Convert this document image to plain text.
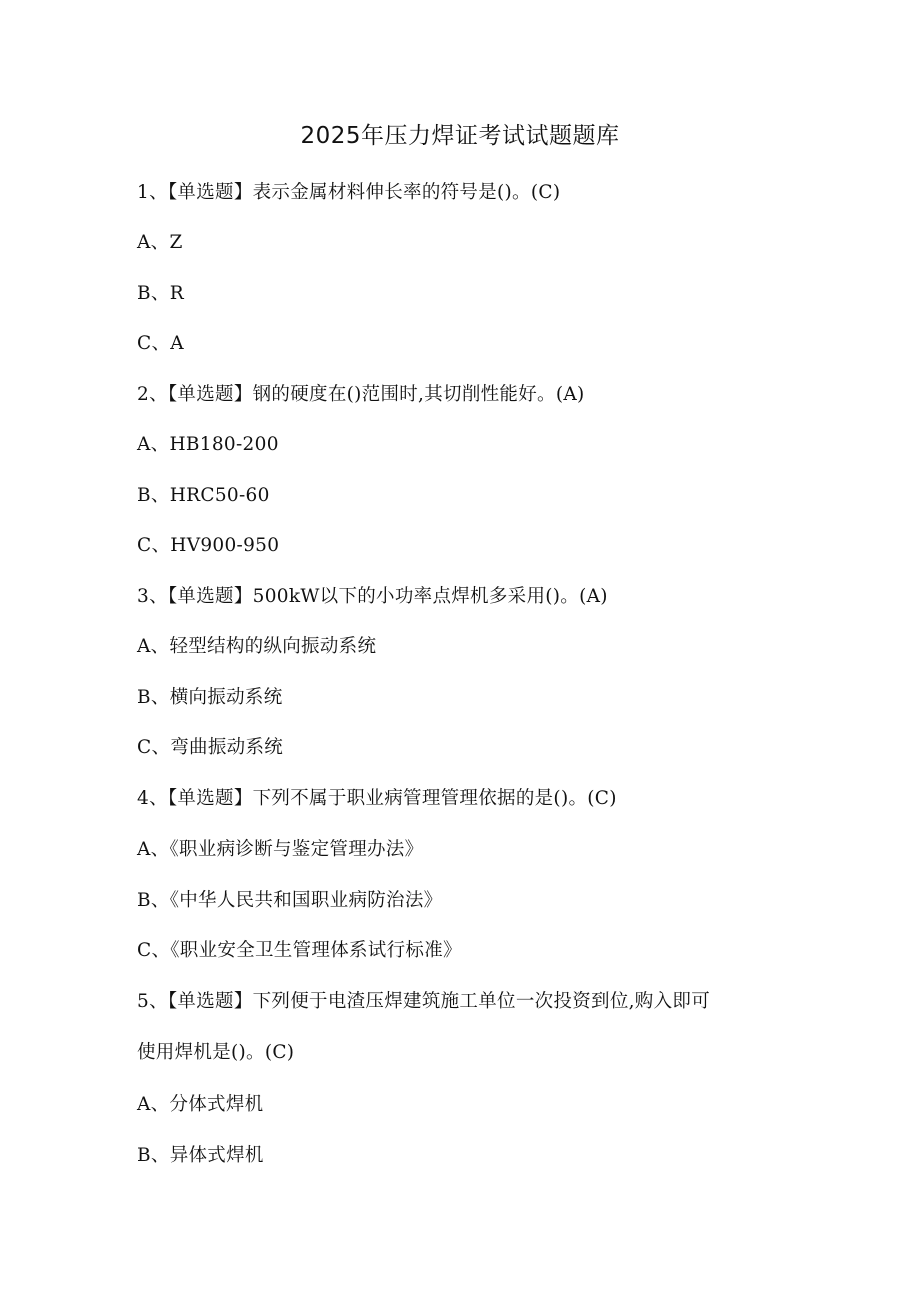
2025年压力焊证考试试题题库
1、【单选题】表示金属材料伸长率的符号是()。(C)
A、Z
B、R
C、A
2、【单选题】钢的硬度在()范围时,其切削性能好。(A)
A、HB180-200
B、HRC50-60
C、HV900-950
3、【单选题】500kW以下的小功率点焊机多采用()。(A)
A、轻型结构的纵向振动系统
B、横向振动系统
C、弯曲振动系统
4、【单选题】下列不属于职业病管理管理依据的是()。(C)
A、《职业病诊断与鉴定管理办法》
B、《中华人民共和国职业病防治法》
C、《职业安全卫生管理体系试行标准》
5、【单选题】下列便于电渣压焊建筑施工单位一次投资到位,购入即可
使用焊机是()。(C)
A、分体式焊机
B、异体式焊机
